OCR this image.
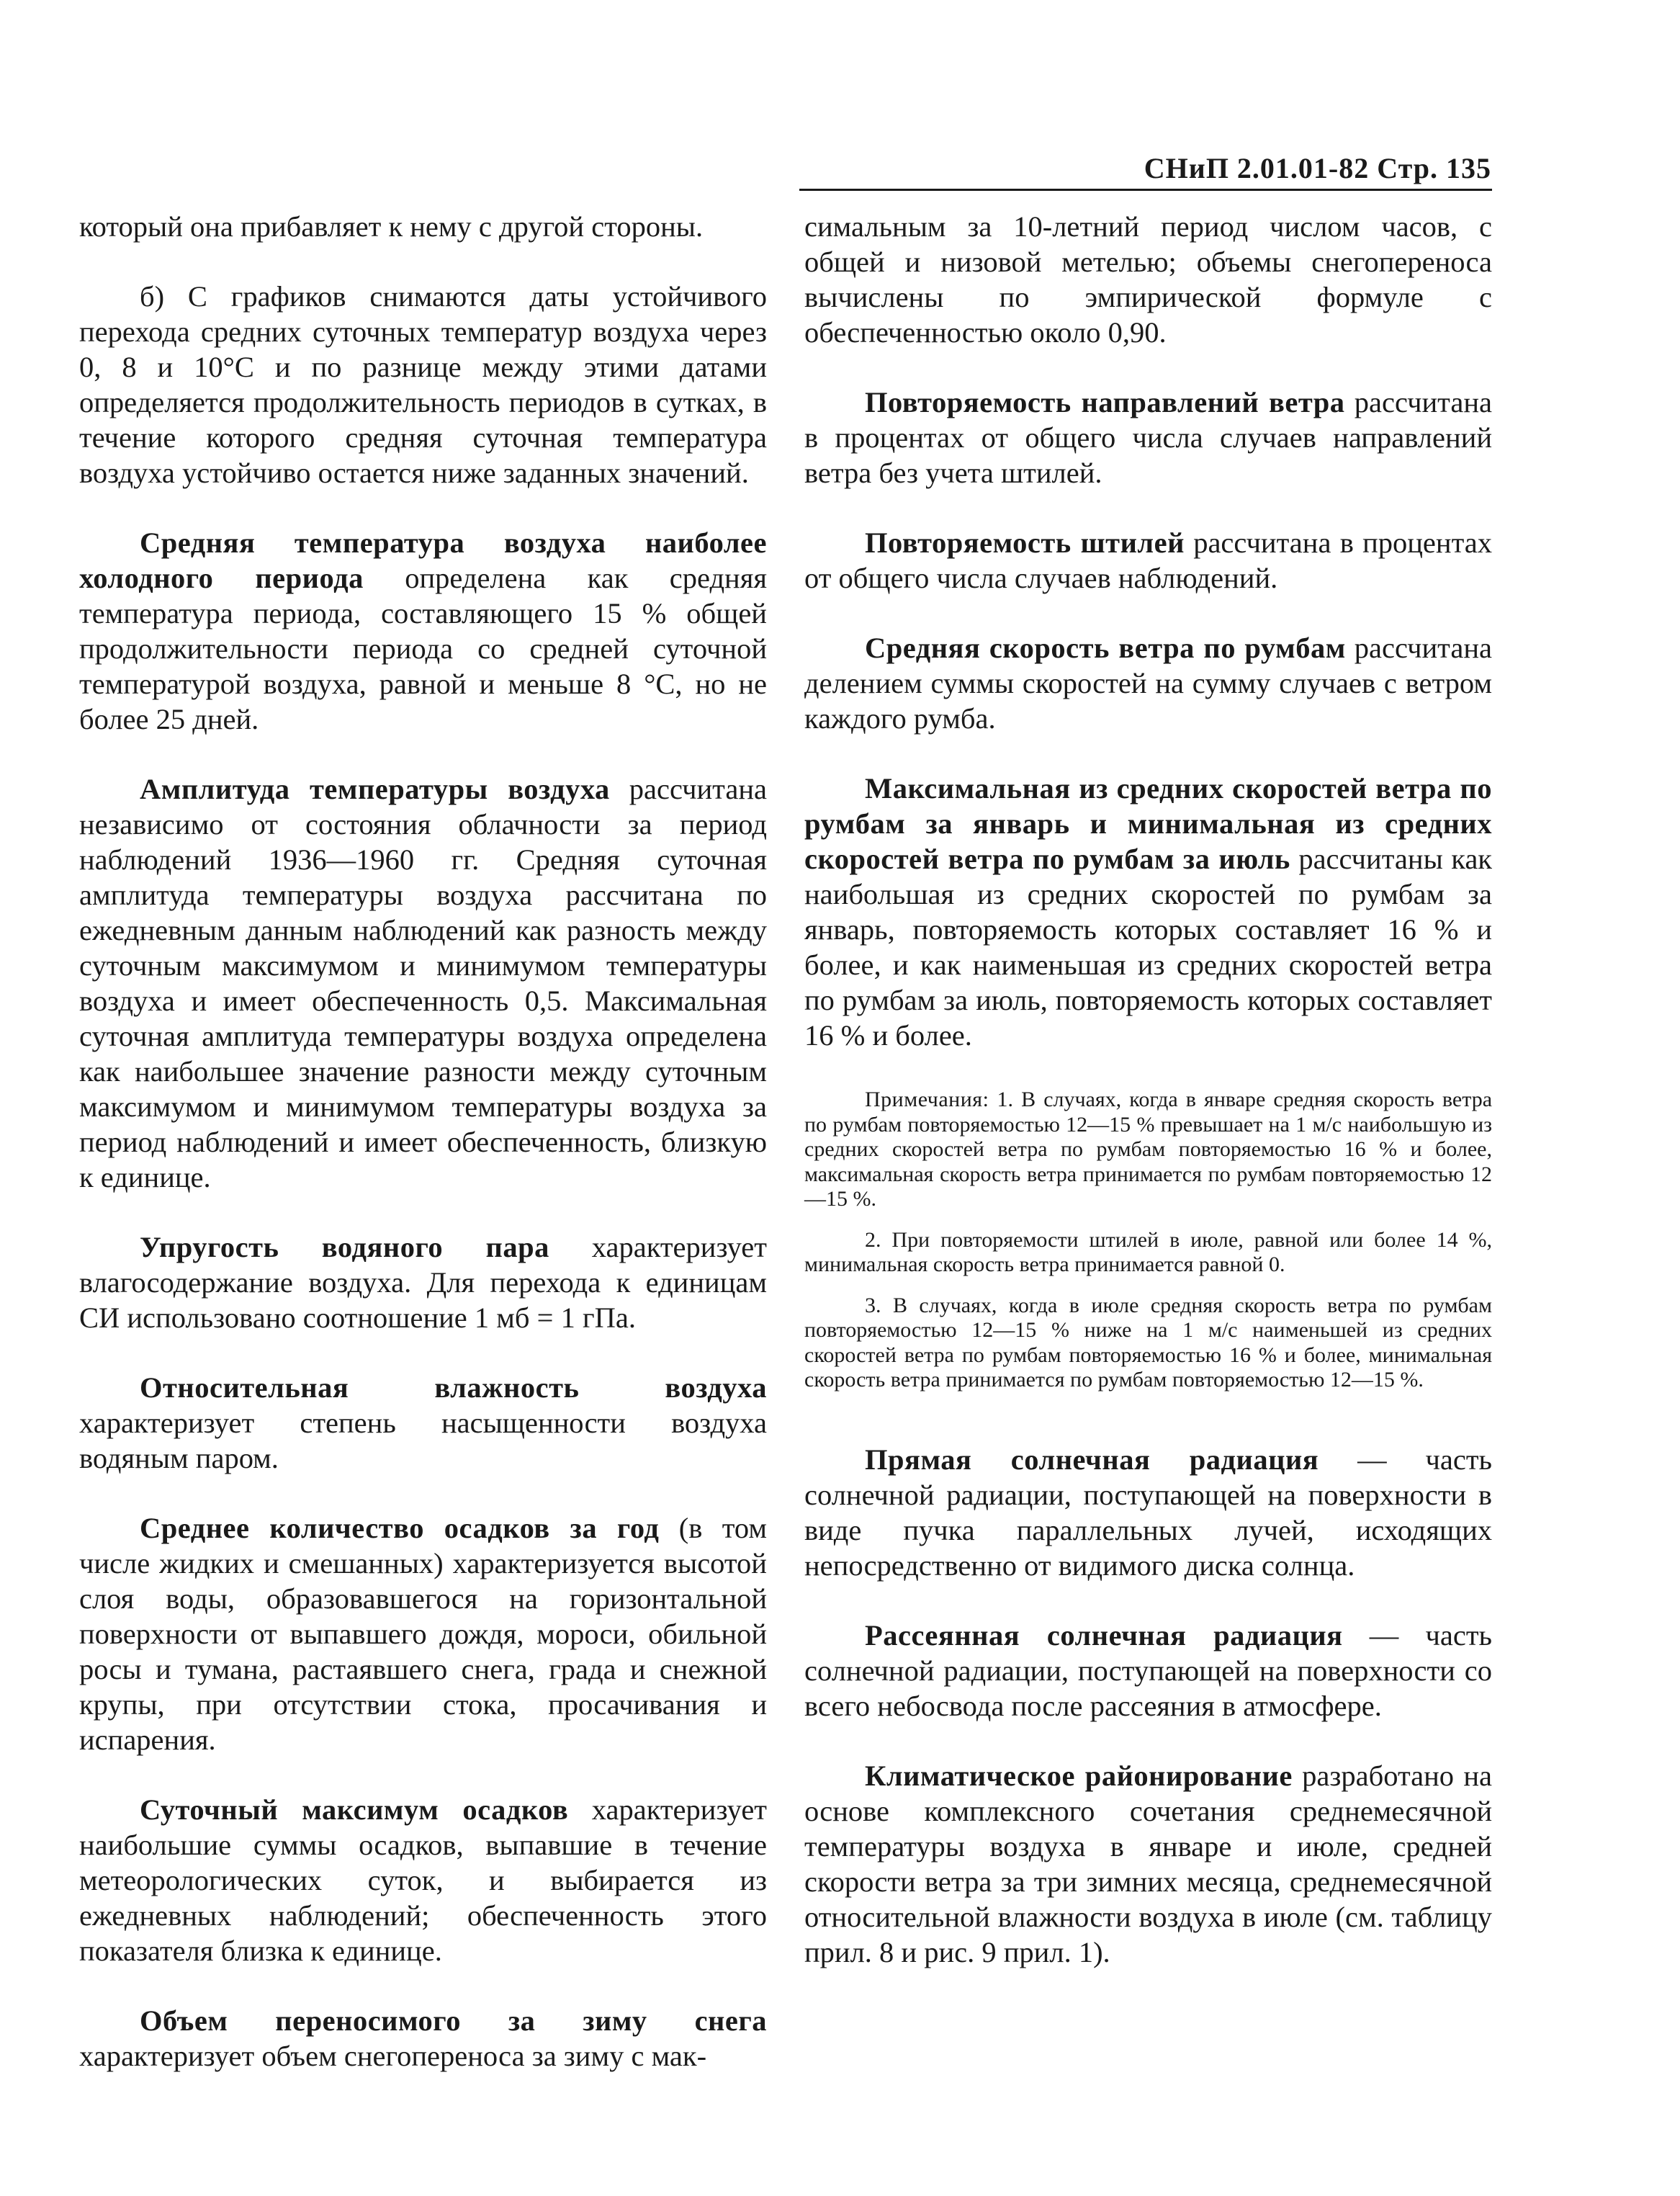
СНиП 2.01.01-82 Стр. 135

который она прибавляет к нему с другой стороны.

б) С графиков снимаются даты устойчивого перехода средних суточных температур воздуха через 0, 8 и 10°С и по разнице между этими датами определяется продолжительность периодов в сутках, в течение которого средняя суточная температура воздуха устойчиво остается ниже заданных значений.

Средняя температура воздуха наиболее холодного периода определена как средняя температура периода, составляющего 15 % общей продолжительности периода со средней суточной температурой воздуха, равной и меньше 8 °С, но не более 25 дней.

Амплитуда температуры воздуха рассчитана независимо от состояния облачности за период наблюдений 1936—1960 гг. Средняя суточная амплитуда температуры воздуха рассчитана по ежедневным данным наблюдений как разность между суточным максимумом и минимумом температуры воздуха и имеет обеспеченность 0,5. Максимальная суточная амплитуда температуры воздуха определена как наибольшее значение разности между суточным максимумом и минимумом температуры воздуха за период наблюдений и имеет обеспеченность, близкую к единице.

Упругость водяного пара характеризует влагосодержание воздуха. Для перехода к единицам СИ использовано соотношение 1 мб = 1 гПа.

Относительная влажность воздуха характеризует степень насыщенности воздуха водяным паром.

Среднее количество осадков за год (в том числе жидких и смешанных) характеризуется высотой слоя воды, образовавшегося на горизонтальной поверхности от выпавшего дождя, мороси, обильной росы и тумана, растаявшего снега, града и снежной крупы, при отсутствии стока, просачивания и испарения.

Суточный максимум осадков характеризует наибольшие суммы осадков, выпавшие в течение метеорологических суток, и выбирается из ежедневных наблюдений; обеспеченность этого показателя близка к единице.

Объем переносимого за зиму снега характеризует объем снегопереноса за зиму с мак-

симальным за 10-летний период числом часов, с общей и низовой метелью; объемы снегопереноса вычислены по эмпирической формуле с обеспеченностью около 0,90.

Повторяемость направлений ветра рассчитана в процентах от общего числа случаев направлений ветра без учета штилей.

Повторяемость штилей рассчитана в процентах от общего числа случаев наблюдений.

Средняя скорость ветра по румбам рассчитана делением суммы скоростей на сумму случаев с ветром каждого румба.

Максимальная из средних скоростей ветра по румбам за январь и минимальная из средних скоростей ветра по румбам за июль рассчитаны как наибольшая из средних скоростей по румбам за январь, повторяемость которых составляет 16 % и более, и как наименьшая из средних скоростей ветра по румбам за июль, повторяемость которых составляет 16 % и более.

Примечания: 1. В случаях, когда в январе средняя скорость ветра по румбам повторяемостью 12—15 % превышает на 1 м/с наибольшую из средних скоростей ветра по румбам повторяемостью 16 % и более, максимальная скорость ветра принимается по румбам повторяемостью 12—15 %.

2. При повторяемости штилей в июле, равной или более 14 %, минимальная скорость ветра принимается равной 0.

3. В случаях, когда в июле средняя скорость ветра по румбам повторяемостью 12—15 % ниже на 1 м/с наименьшей из средних скоростей ветра по румбам повторяемостью 16 % и более, минимальная скорость ветра принимается по румбам повторяемостью 12—15 %.

Прямая солнечная радиация — часть солнечной радиации, поступающей на поверхности в виде пучка параллельных лучей, исходящих непосредственно от видимого диска солнца.

Рассеянная солнечная радиация — часть солнечной радиации, поступающей на поверхности со всего небосвода после рассеяния в атмосфере.

Климатическое районирование разработано на основе комплексного сочетания среднемесячной температуры воздуха в январе и июле, средней скорости ветра за три зимних месяца, среднемесячной относительной влажности воздуха в июле (см. таблицу прил. 8 и рис. 9 прил. 1).
